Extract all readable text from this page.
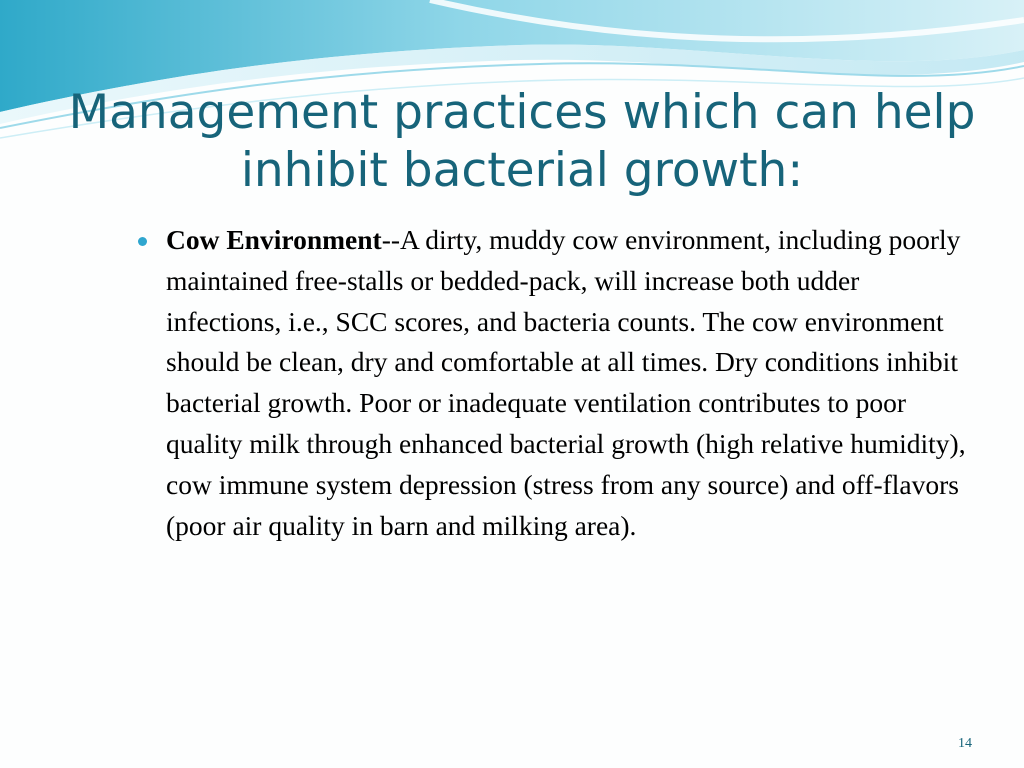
Management practices which can help inhibit bacterial growth:

Cow Environment--A dirty, muddy cow environment, including poorly maintained free-stalls or bedded-pack, will increase both udder infections, i.e., SCC scores, and bacteria counts. The cow environment should be clean, dry and comfortable at all times. Dry conditions inhibit bacterial growth. Poor or inadequate ventilation contributes to poor quality milk through enhanced bacterial growth (high relative humidity), cow immune system depression (stress from any source) and off-flavors (poor air quality in barn and milking area).

14
